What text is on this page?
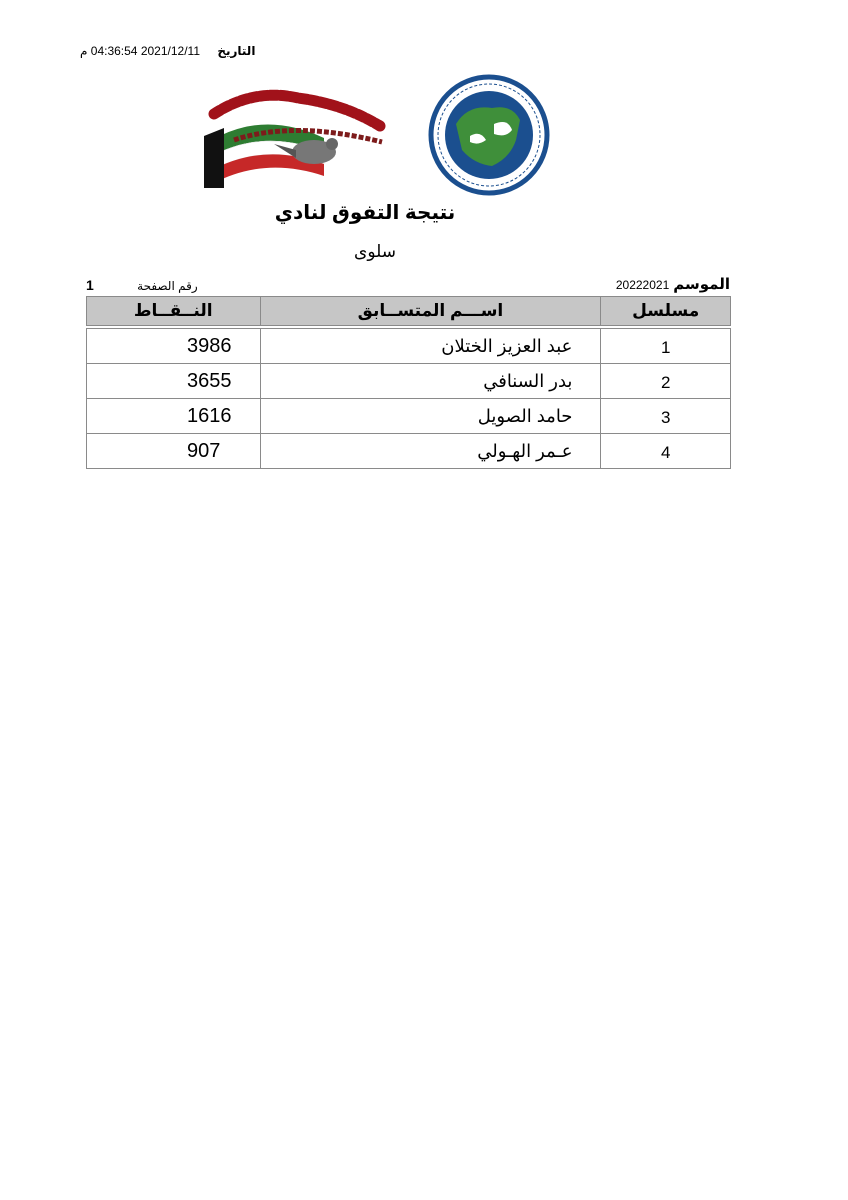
التاريخ 2021/12/11 04:36:54 م
نتيجة التفوق لنادي
سلوى
الموسم20222021
1	رقم الصفحة
مسلسل	اســـم المتســابق	النــقــاط

1	عبد العزيز الختلان	3986
2	بدر السنافي	3655
3	حامد الصويل	1616
4	عـمر الهـولي	907
